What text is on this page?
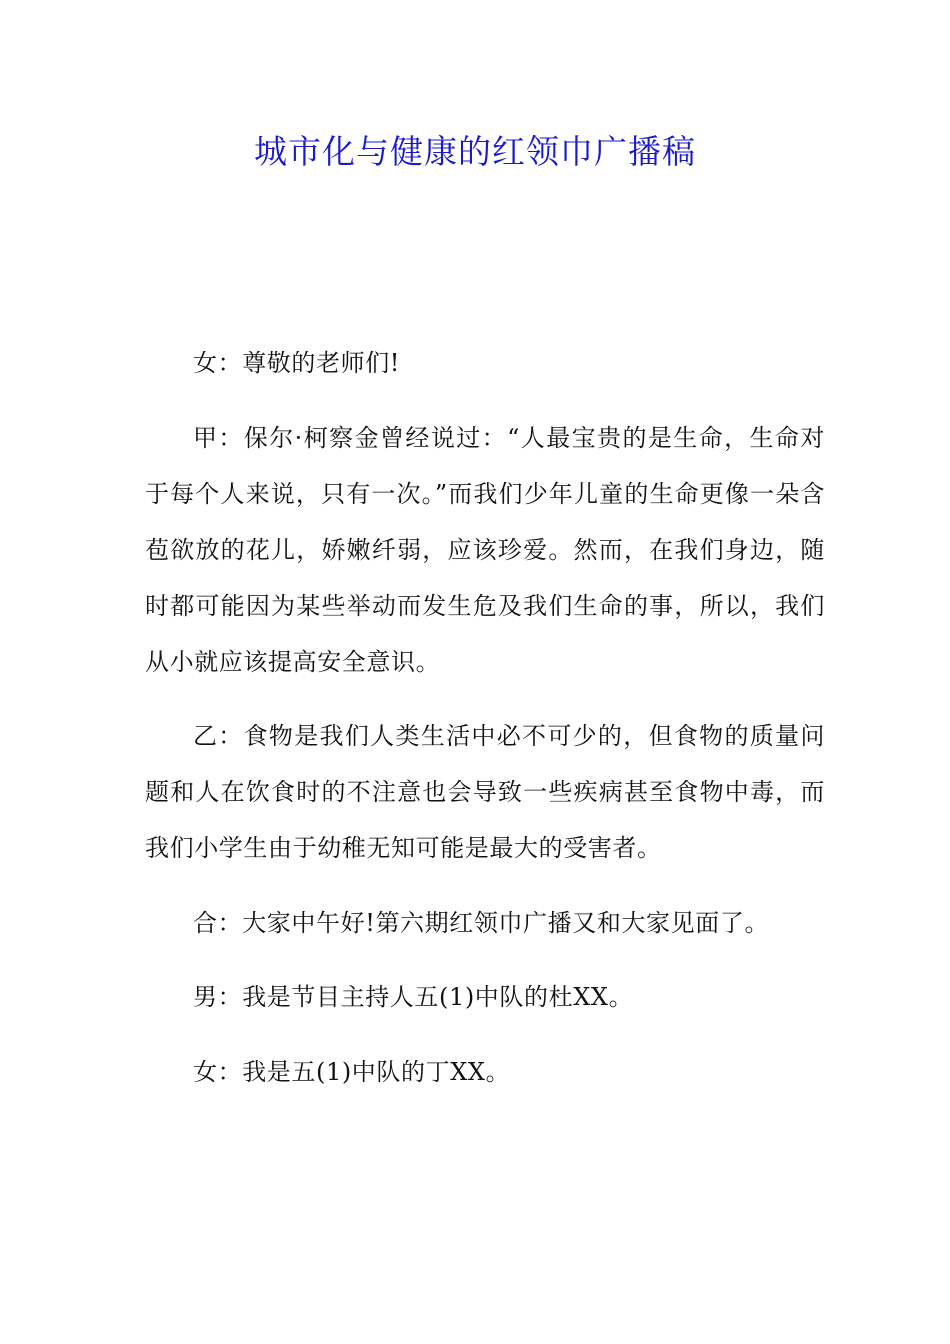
城市化与健康的红领巾广播稿

女：尊敬的老师们!

甲：保尔·柯察金曾经说过：“人最宝贵的是生命，生命对于每个人来说，只有一次。”而我们少年儿童的生命更像一朵含苞欲放的花儿，娇嫩纤弱，应该珍爱。然而，在我们身边，随时都可能因为某些举动而发生危及我们生命的事，所以，我们从小就应该提高安全意识。

乙：食物是我们人类生活中必不可少的，但食物的质量问题和人在饮食时的不注意也会导致一些疾病甚至食物中毒，而我们小学生由于幼稚无知可能是最大的受害者。

合：大家中午好!第六期红领巾广播又和大家见面了。

男：我是节目主持人五(1)中队的杜XX。

女：我是五(1)中队的丁XX。
